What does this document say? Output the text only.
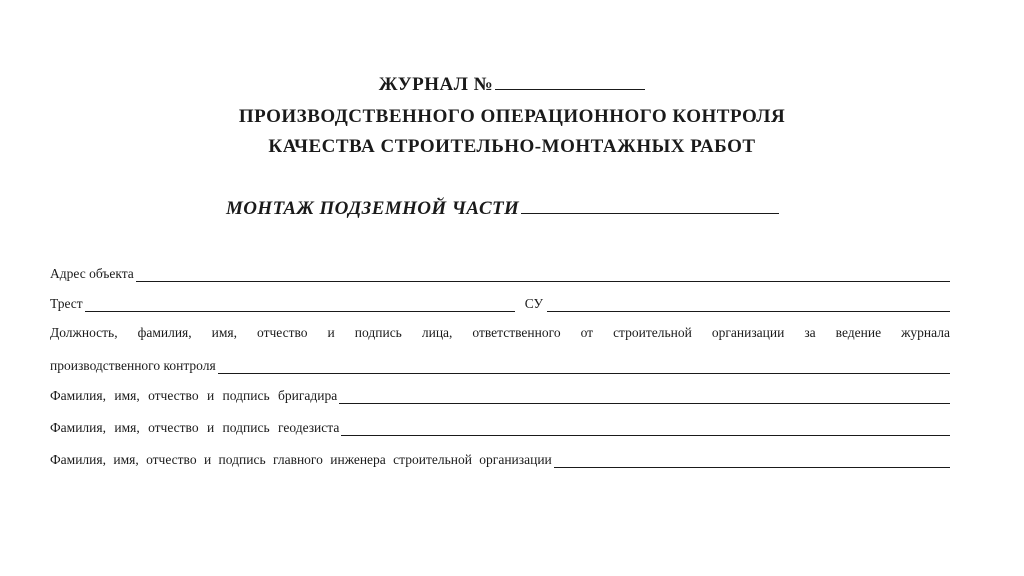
ЖУРНАЛ №
ПРОИЗВОДСТВЕННОГО ОПЕРАЦИОННОГО КОНТРОЛЯ
КАЧЕСТВА СТРОИТЕЛЬНО-МОНТАЖНЫХ РАБОТ
МОНТАЖ ПОДЗЕМНОЙ ЧАСТИ
Адрес объекта
Трест	СУ
Должность, фамилия, имя, отчество и подпись лица, ответственного от строительной организации за ведение журнала
производственного контроля
Фамилия, имя, отчество и подпись бригадира
Фамилия, имя, отчество и подпись геодезиста
Фамилия, имя, отчество и подпись главного инженера строительной организации
